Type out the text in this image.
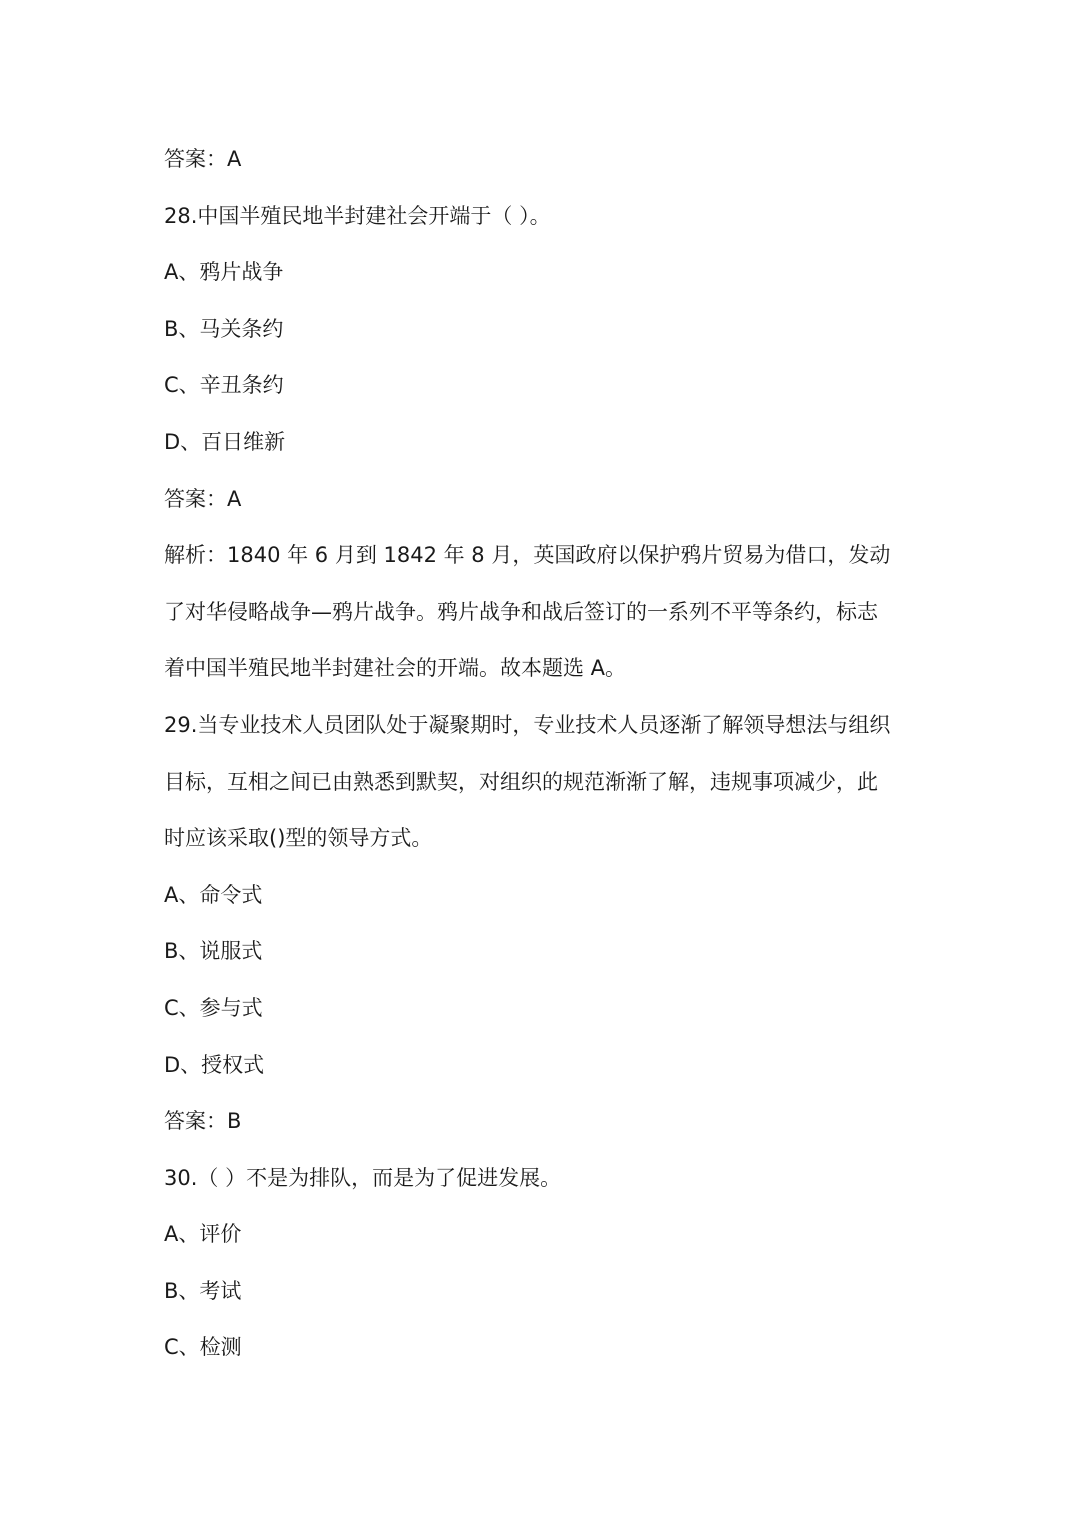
答案：A
28.中国半殖民地半封建社会开端于（ ）。
A、鸦片战争
B、马关条约
C、辛丑条约
D、百日维新
答案：A
解析：1840 年 6 月到 1842 年 8 月，英国政府以保护鸦片贸易为借口，发动
了对华侵略战争—鸦片战争。鸦片战争和战后签订的一系列不平等条约，标志
着中国半殖民地半封建社会的开端。故本题选 A。
29.当专业技术人员团队处于凝聚期时，专业技术人员逐渐了解领导想法与组织
目标，互相之间已由熟悉到默契，对组织的规范渐渐了解，违规事项减少，此
时应该采取()型的领导方式。
A、命令式
B、说服式
C、参与式
D、授权式
答案：B
30.（ ）不是为排队，而是为了促进发展。
A、评价
B、考试
C、检测
